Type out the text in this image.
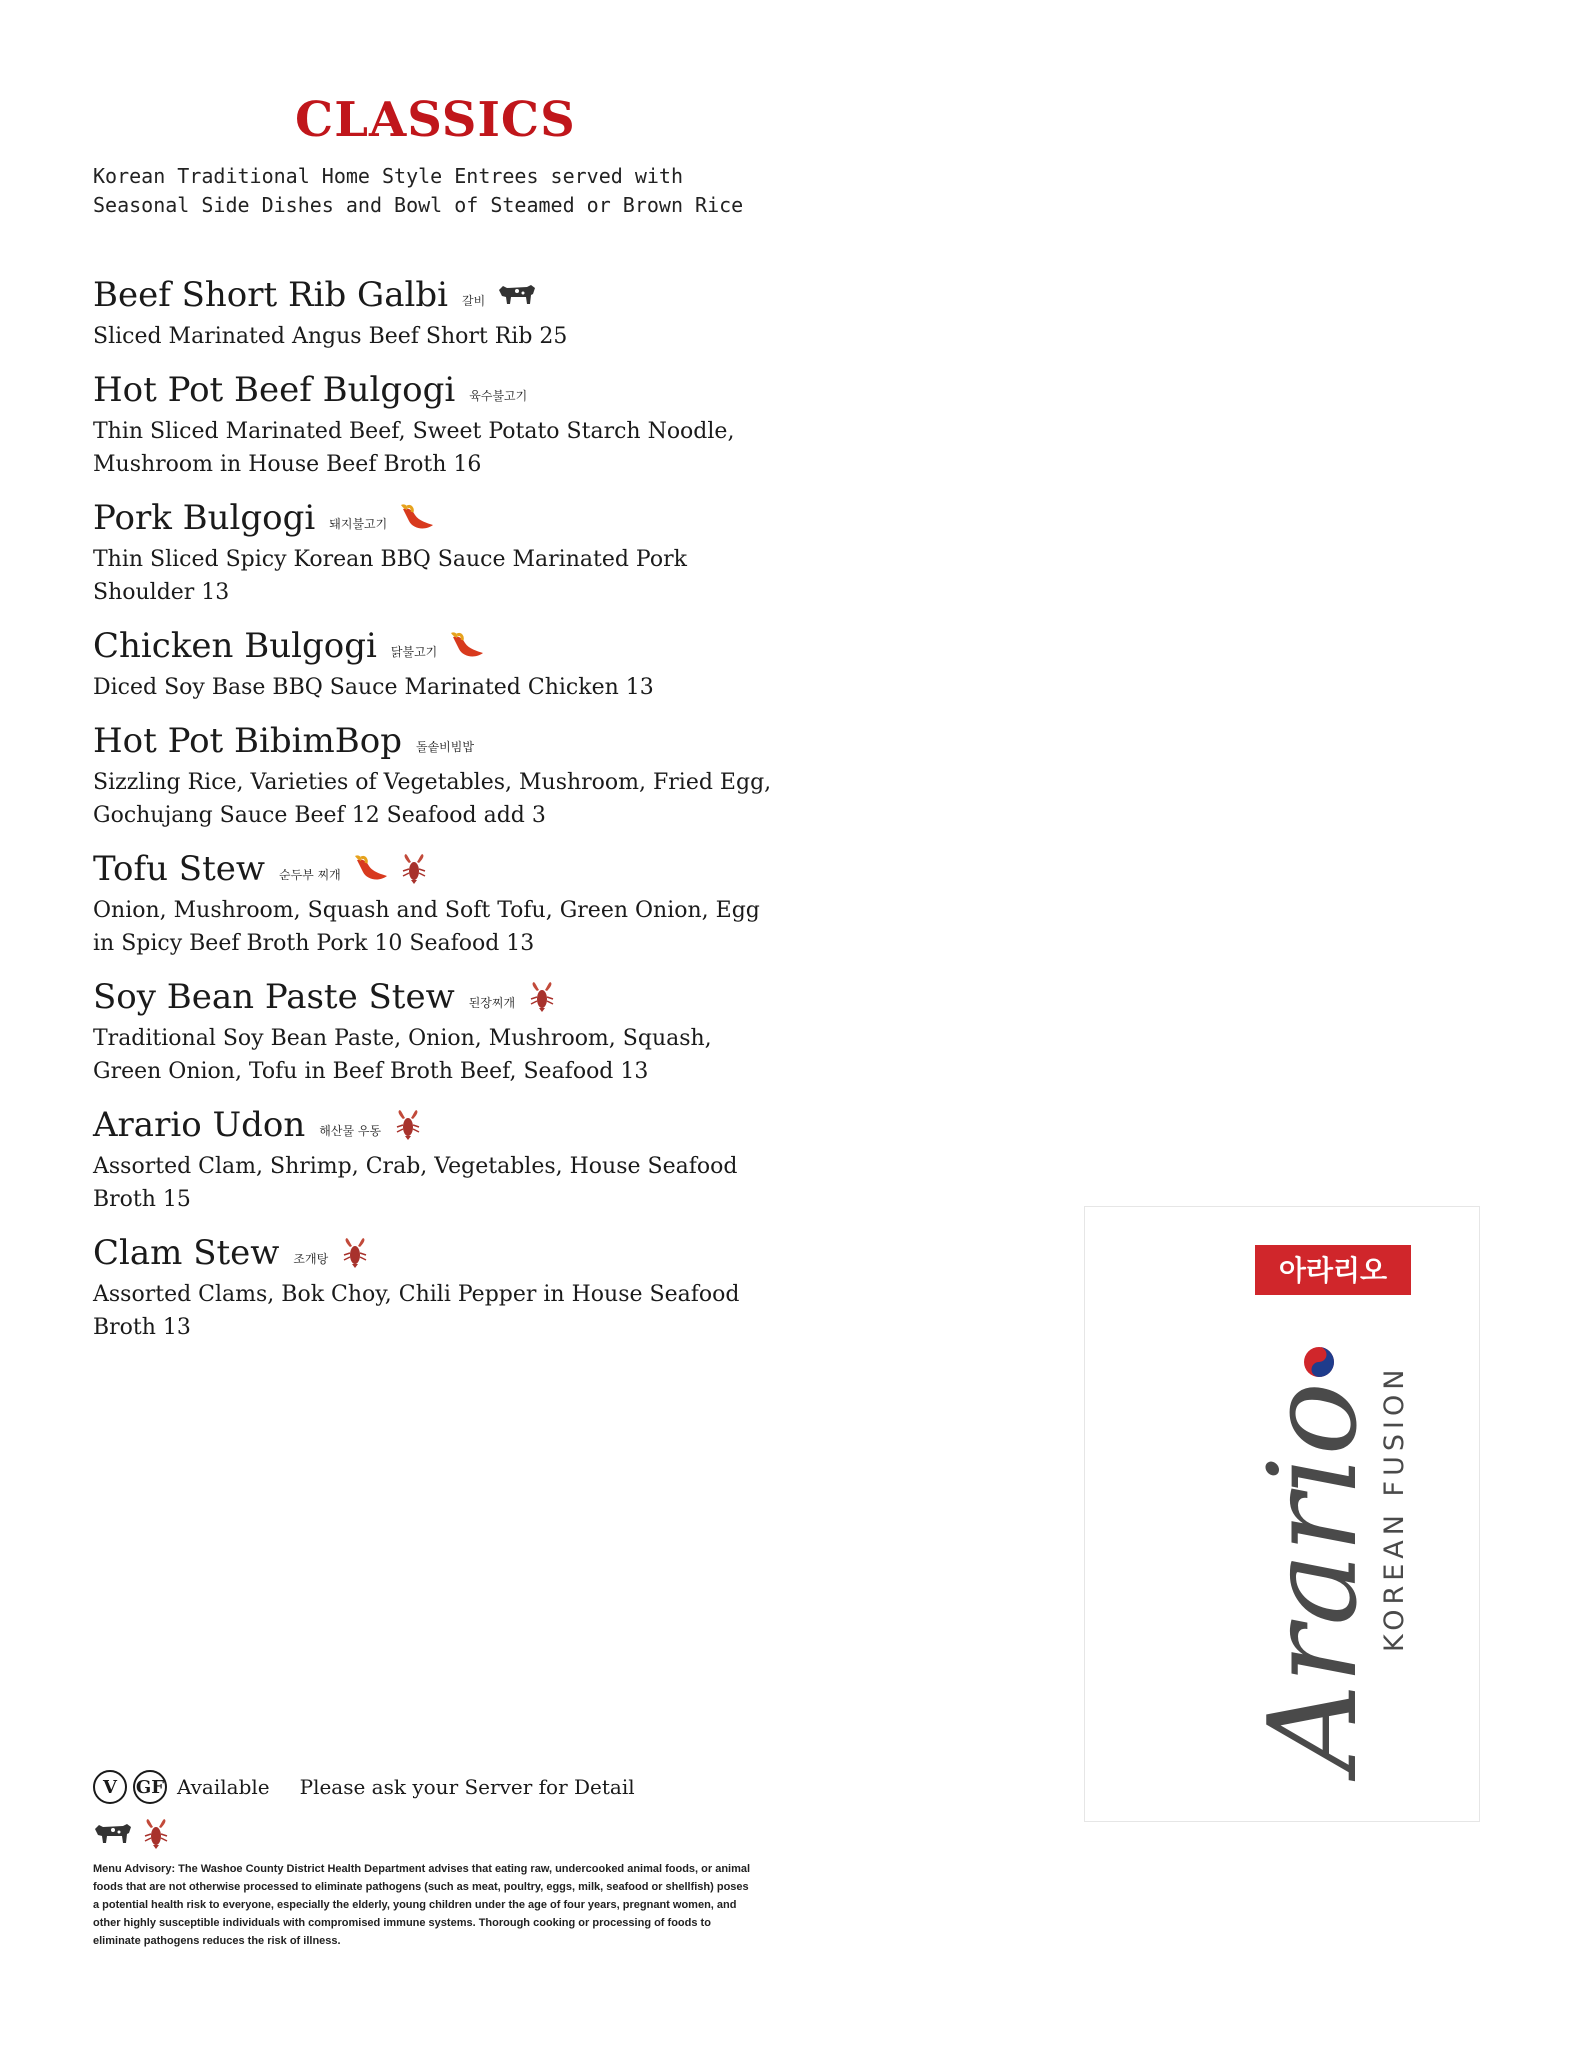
CLASSICS
Korean Traditional Home Style Entrees served with
Seasonal Side Dishes and Bowl of Steamed or Brown Rice
Beef Short Rib Galbi 갈비
Sliced Marinated Angus Beef Short Rib 25
Hot Pot Beef Bulgogi 육수불고기
Thin Sliced Marinated Beef, Sweet Potato Starch Noodle, Mushroom in House Beef Broth 16
Pork Bulgogi 돼지불고기
Thin Sliced Spicy Korean BBQ Sauce Marinated Pork Shoulder 13
Chicken Bulgogi 닭불고기
Diced Soy Base BBQ Sauce Marinated Chicken 13
Hot Pot BibimBop 돌솥비빔밥
Sizzling Rice, Varieties of Vegetables, Mushroom, Fried Egg, Gochujang Sauce Beef 12 Seafood add 3
Tofu Stew 순두부 찌개
Onion, Mushroom, Squash and Soft Tofu, Green Onion, Egg in Spicy Beef Broth Pork 10 Seafood 13
Soy Bean Paste Stew 된장찌개
Traditional Soy Bean Paste, Onion, Mushroom, Squash, Green Onion, Tofu in Beef Broth Beef, Seafood 13
Arario Udon 해산물 우동
Assorted Clam, Shrimp, Crab, Vegetables, House Seafood Broth 15
Clam Stew 조개탕
Assorted Clams, Bok Choy, Chili Pepper in House Seafood Broth 13
V	GF Available Please ask your Server for Detail
Menu Advisory: The Washoe County District Health Department advises that eating raw, undercooked animal foods, or animal foods that are not otherwise processed to eliminate pathogens (such as meat, poultry, eggs, milk, seafood or shellfish) poses a potential health risk to everyone, especially the elderly, young children under the age of four years, pregnant women, and other highly susceptible individuals with compromised immune systems. Thorough cooking or processing of foods to eliminate pathogens reduces the risk of illness.
아라리오
KOREAN FUSION
Arario
